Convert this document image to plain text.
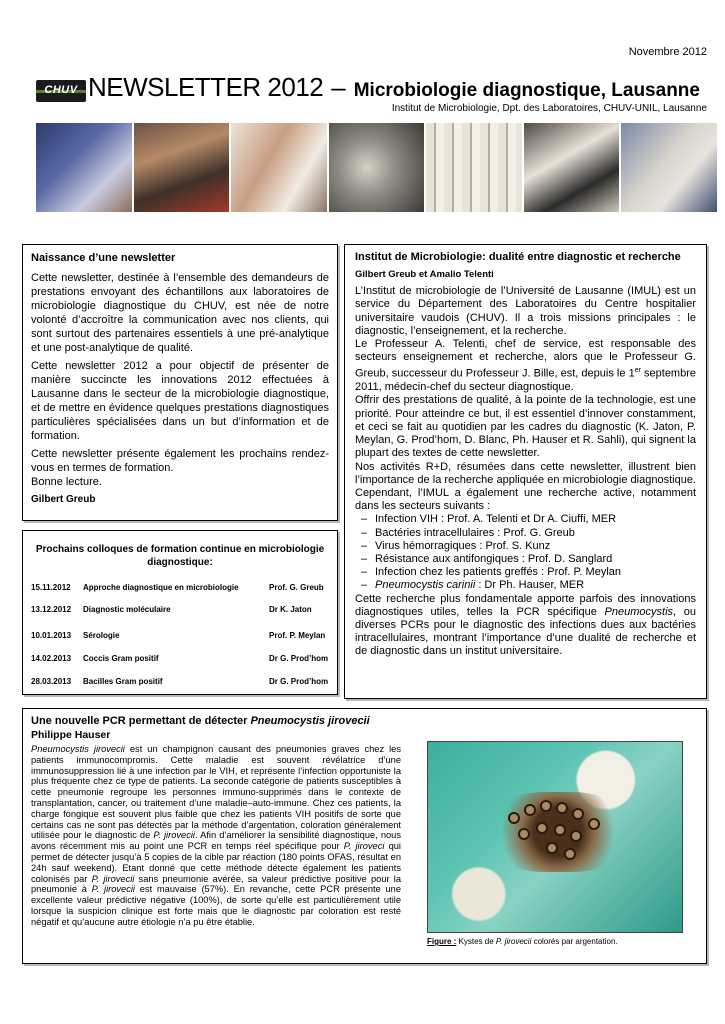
Novembre 2012
CHUV NEWSLETTER 2012 – Microbiologie diagnostique, Lausanne
Institut de Microbiologie, Dpt. des Laboratoires, CHUV-UNIL, Lausanne
Naissance d’une newsletter

Cette newsletter, destinée à l’ensemble des demandeurs de prestations envoyant des échantillons aux laboratoires de microbiologie diagnostique du CHUV, est née de notre volonté d’accroître la communication avec nos clients, qui sont surtout des partenaires essentiels à une pré-analytique et une post-analytique de qualité.

Cette newsletter 2012 a pour objectif de présenter de manière succincte les innovations 2012 effectuées à Lausanne dans le secteur de la microbiologie diagnostique, et de mettre en évidence quelques prestations diagnostiques particulières spécialisées dans un but d’information et de formation.

Cette newsletter présente également les prochains rendez-vous en termes de formation.

Bonne lecture.
Gilbert Greub
Prochains colloques de formation continue en microbiologie diagnostique:
15.11.2012 Approche diagnostique en microbiologie	Prof. G. Greub
13.12.2012 Diagnostic moléculaire	Dr K. Jaton
10.01.2013 Sérologie	Prof. P. Meylan
14.02.2013 Coccis Gram positif	Dr G. Prod’hom
28.03.2013 Bacilles Gram positif	Dr G. Prod’hom
Institut de Microbiologie: dualité entre diagnostic et recherche
Gilbert Greub et Amalio Telenti

L’Institut de microbiologie de l’Université de Lausanne (IMUL) est un service du Département des Laboratoires du Centre hospitalier universitaire vaudois (CHUV). Il a trois missions principales : le diagnostic, l’enseignement, et la recherche.

Le Professeur A. Telenti, chef de service, est responsable des secteurs enseignement et recherche, alors que le Professeur G. Greub, successeur du Professeur J. Bille, est, depuis le 1er septembre 2011, médecin-chef du secteur diagnostique.

Offrir des prestations de qualité, à la pointe de la technologie, est une priorité. Pour atteindre ce but, il est essentiel d’innover constamment, et ceci se fait au quotidien par les cadres du diagnostic (K. Jaton, P. Meylan, G. Prod’hom, D. Blanc, Ph. Hauser et R. Sahli), qui signent la plupart des textes de cette newsletter.

Nos activités R+D, résumées dans cette newsletter, illustrent bien l’importance de la recherche appliquée en microbiologie diagnostique. Cependant, l’IMUL a également une recherche active, notamment dans les secteurs suivants :

– Infection VIH : Prof. A. Telenti et Dr A. Ciuffi, MER
– Bactéries intracellulaires : Prof. G. Greub
– Virus hémorragiques : Prof. S. Kunz
– Résistance aux antifongiques : Prof. D. Sanglard
– Infection chez les patients greffés : Prof. P. Meylan
– Pneumocystis carinii : Dr Ph. Hauser, MER

Cette recherche plus fondamentale apporte parfois des innovations diagnostiques utiles, telles la PCR spécifique Pneumocystis, ou diverses PCRs pour le diagnostic des infections dues aux bactéries intracellulaires, montrant l’importance d’une dualité de recherche et de diagnostic dans un institut universitaire.

Une nouvelle PCR permettant de détecter Pneumocystis jirovecii
Philippe Hauser
Pneumocystis jirovecii est un champignon causant des pneumonies graves chez les patients immunocompromis. Cette maladie est souvent révélatrice d’une immunosuppression lié à une infection par le VIH, et représente l’infection opportuniste la plus fréquente chez ce type de patients. La seconde catégorie de patients susceptibles à cette pneumonie regroupe les personnes immuno-supprimés dans le contexte de transplantation, cancer, ou traitement d’une maladie–auto-immune. Chez ces patients, la charge fongique est souvent plus faible que chez les patients VIH positifs de sorte que certains cas ne sont pas détectés par la méthode d’argentation, coloration généralement utilisée pour le diagnostic de P. jirovecii. Afin d’améliorer la sensibilité diagnostique, nous avons récemment mis au point une PCR en temps réel spécifique pour P. jiroveci qui permet de détecter jusqu’à 5 copies de la cible par réaction (180 points OFAS, résultat en 24h sauf weekend). Etant donné que cette méthode détecte également les patients colonisés par P. jirovecii sans pneumonie avérée, sa valeur prédictive positive pour la pneumonie à P. jirovecii est mauvaise (57%). En revanche, cette PCR présente une excellente valeur prédictive négative (100%), de sorte qu’elle est particulièrement utile lorsque la suspicion clinique est forte mais que le diagnostic par coloration est resté négatif et qu’aucune autre étiologie n’a pu être établie.
Figure : Kystes de P. jirovecii colorés par argentation.
